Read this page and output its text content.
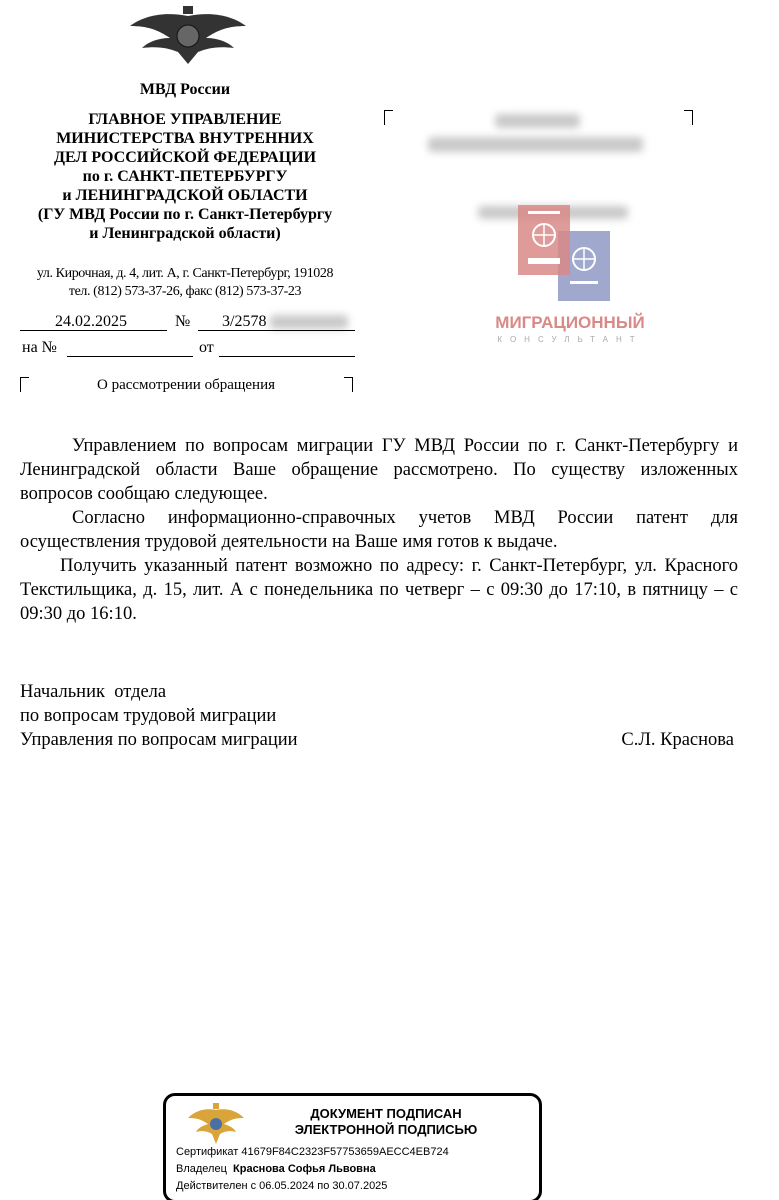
МВД России
ГЛАВНОЕ УПРАВЛЕНИЕ
МИНИСТЕРСТВА ВНУТРЕННИХ
ДЕЛ РОССИЙСКОЙ ФЕДЕРАЦИИ
по г. САНКТ-ПЕТЕРБУРГУ
и ЛЕНИНГРАДСКОЙ ОБЛАСТИ
(ГУ МВД России по г. Санкт-Петербургу
и Ленинградской области)
ул. Кирочная, д. 4, лит. А, г. Санкт-Петербург, 191028
тел. (812) 573-37-26, факс (812) 573-37-23
24.02.2025	№ 3/2578
на №	от
О рассмотрении обращения
МИГРАЦИОННЫЙ
КОНСУЛЬТАНТ

Управлением по вопросам миграции ГУ МВД России по г. Санкт-Петербургу и Ленинградской области Ваше обращение рассмотрено. По существу изложенных вопросов сообщаю следующее.

Согласно информационно-справочных учетов МВД России патент для осуществления трудовой деятельности на Ваше имя готов к выдаче.

Получить указанный патент возможно по адресу: г. Санкт-Петербург, ул. Красного Текстильщика, д. 15, лит. А с понедельника по четверг – с 09:30 до 17:10, в пятницу – с 09:30 до 16:10.

Начальник  отдела
по вопросам трудовой миграции
Управления по вопросам миграции	С.Л. Краснова
ДОКУМЕНТ ПОДПИСАН
ЭЛЕКТРОННОЙ ПОДПИСЬЮ
Сертификат 41679F84C2323F57753659AECC4EB724
Владелец Краснова Софья Львовна
Действителен с 06.05.2024 по 30.07.2025
